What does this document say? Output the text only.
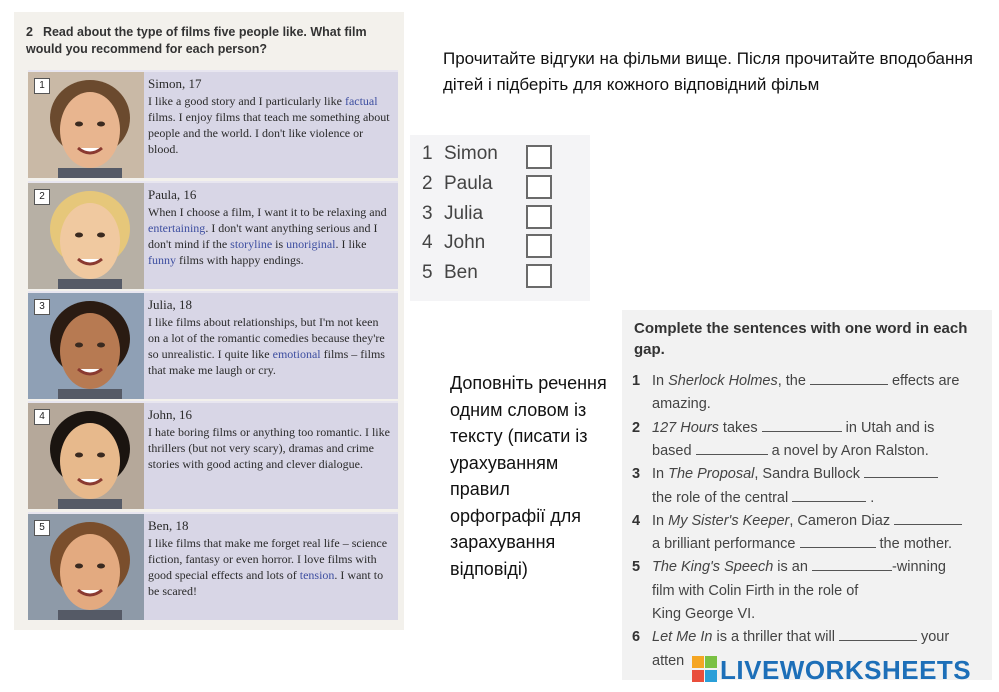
2 Read about the type of films five people like. What film would you recommend for each person?
1	Simon, 17
I like a good story and I particularly like factual films. I enjoy films that teach me something about people and the world. I don't like violence or blood.
2	Paula, 16
When I choose a film, I want it to be relaxing and entertaining. I don't want anything serious and I don't mind if the storyline is unoriginal. I like funny films with happy endings.
3	Julia, 18
I like films about relationships, but I'm not keen on a lot of the romantic comedies because they're so unrealistic. I quite like emotional films – films that make me laugh or cry.
4	John, 16
I hate boring films or anything too romantic. I like thrillers (but not very scary), dramas and crime stories with good acting and clever dialogue.
5	Ben, 18
I like films that make me forget real life – science fiction, fantasy or even horror. I love films with good special effects and lots of tension. I want to be scared!
Прочитайте відгуки на фільми вище. Після прочитайте вподобання дітей і підберіть для кожного відповідний фільм
1 Simon
2 Paula
3 Julia
4 John
5 Ben
Доповніть речення одним словом із тексту (писати із урахуванням правил орфографії для зарахування відповіді)
Complete the sentences with one word in each gap.
1 In Sherlock Holmes, the	effects are
amazing.
2 127 Hours takes	in Utah and is
based	a novel by Aron Ralston.
3 In The Proposal, Sandra Bullock
the role of the central	.
4 In My Sister's Keeper, Cameron Diaz
a brilliant performance	the mother.
5 The King's Speech is an	-winning
film with Colin Firth in the role of
King George VI.
6 Let Me In is a thriller that will	your
atten	LIVEWORKSHEETS
